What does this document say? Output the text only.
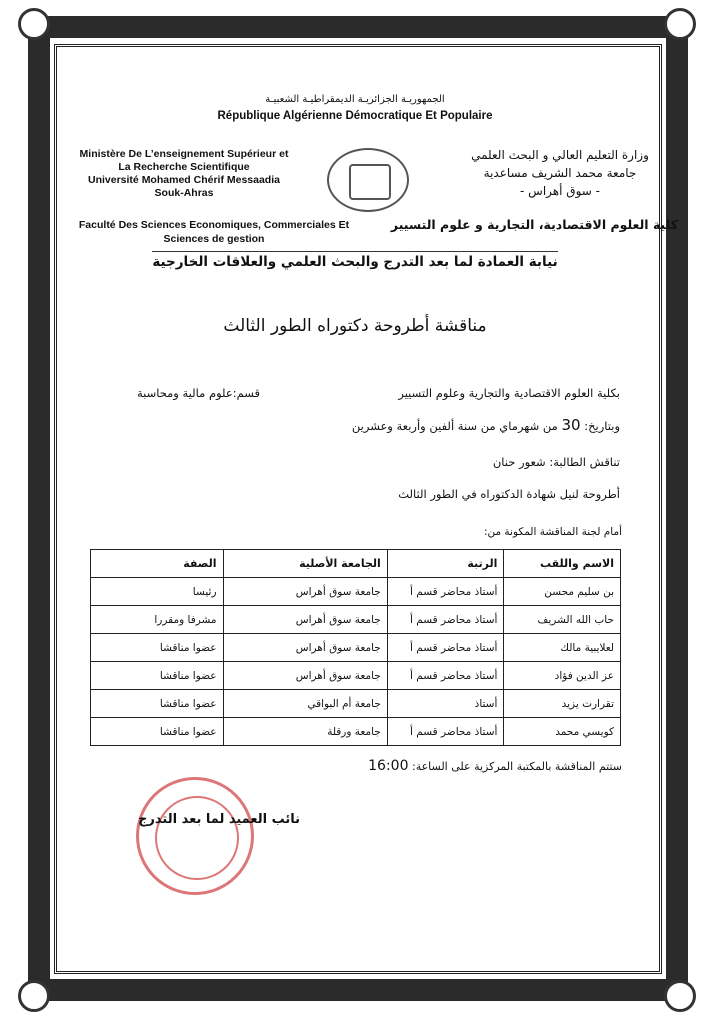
الجمهوريـة الجزائريـة الديمقراطيـة الشعبيـة
République Algérienne Démocratique Et Populaire
Ministère De L’enseignement Supérieur et
La Recherche Scientifique
Université Mohamed Chérif Messaadia
Souk-Ahras
وزارة التعليم العالي و البحث العلمي
جامعة محمد الشريف مساعدية
- سوق أهراس -
Faculté Des Sciences Economiques, Commerciales Et
Sciences de gestion
كلية العلوم الاقتصادية، التجارية و علوم التسيير
نيابة العمادة لما بعد التدرج والبحث العلمي والعلاقات الخارجية
مناقشة أطروحة دكتوراه الطور الثالث
بكلية العلوم الاقتصادية والتجارية وعلوم التسيير
قسم:علوم مالية ومحاسبة
وبتاريخ: 30 من شهرماي من سنة ألفين وأربعة وعشرين
تناقش الطالبة: شعور حنان
أطروحة لنيل شهادة الدكتوراه في الطور الثالث
أمام لجنة المناقشة المكونة من:
الاسم واللقب	الرتبة	الجامعة الأصلية	الصفة
بن سليم محسن	أستاذ محاضر قسم أ	جامعة سوق أهراس	رئيسا
حاب الله الشريف	أستاذ محاضر قسم أ	جامعة سوق أهراس	مشرفا ومقررا
لعلايبية مالك	أستاذ محاضر قسم أ	جامعة سوق أهراس	عضوا مناقشا
عز الدين فؤاد	أستاذ محاضر قسم أ	جامعة سوق أهراس	عضوا مناقشا
تقرارت يزيد	أستاذ	جامعة أم البواقي	عضوا مناقشا
كويسي محمد	أستاذ محاضر قسم أ	جامعة ورقلة	عضوا مناقشا
ستتم المناقشة بالمكتبة المركزية على الساعة: 16:00
نائب العميد لما بعد التدرج
